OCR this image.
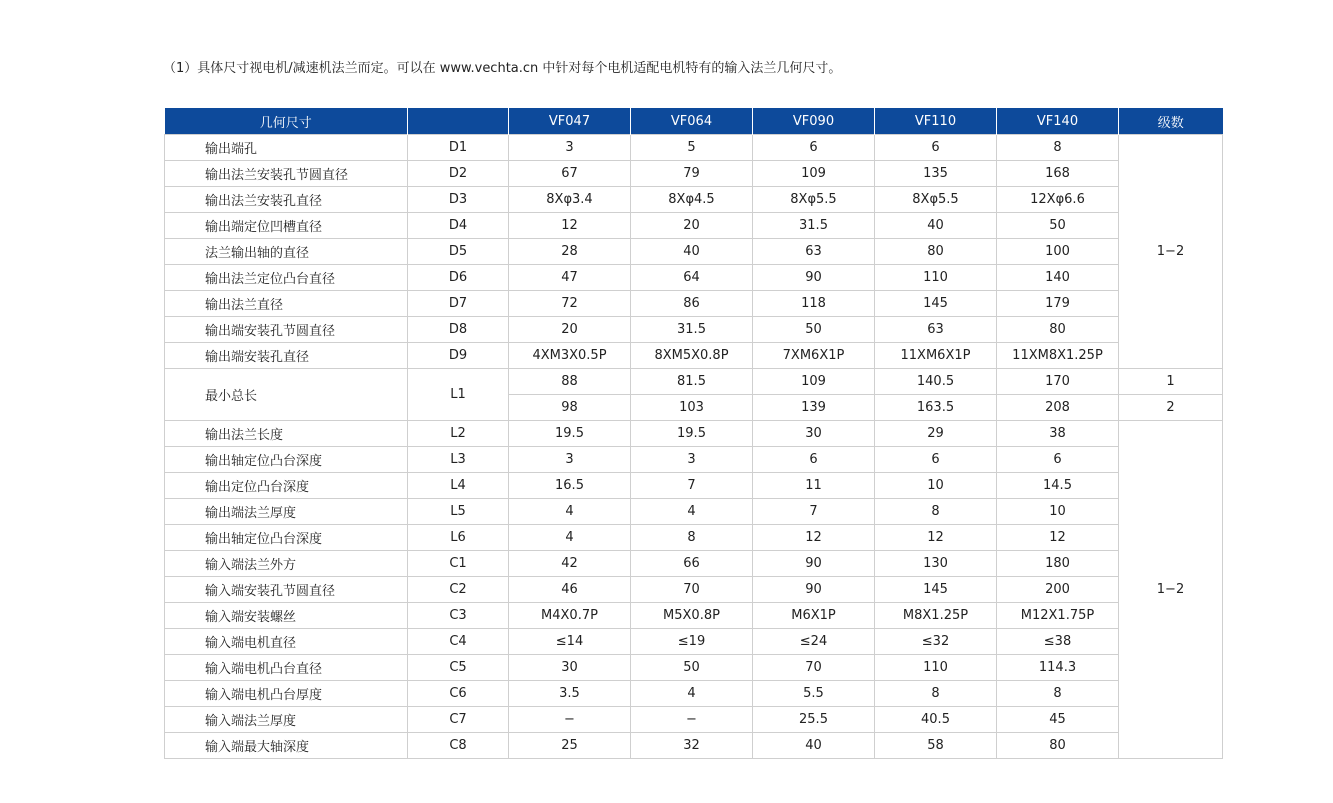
（1）具体尺寸视电机/减速机法兰而定。可以在 www.vechta.cn 中针对每个电机适配电机特有的输入法兰几何尺寸。
几何尺寸		VF047	VF064	VF090	VF110	VF140	级数
输出端孔	D1	3	5	6	6	8	1−2
输出法兰安装孔节圆直径	D2	67	79	109	135	168	
输出法兰安装孔直径	D3	8Xφ3.4	8Xφ4.5	8Xφ5.5	8Xφ5.5	12Xφ6.6	
输出端定位凹槽直径	D4	12	20	31.5	40	50	
法兰输出轴的直径	D5	28	40	63	80	100	
输出法兰定位凸台直径	D6	47	64	90	110	140	
输出法兰直径	D7	72	86	118	145	179	
输出端安装孔节圆直径	D8	20	31.5	50	63	80	
输出端安装孔直径	D9	4XM3X0.5P	8XM5X0.8P	7XM6X1P	11XM6X1P	11XM8X1.25P	
最小总长	L1	88	81.5	109	140.5	170	1
		98	103	139	163.5	208	2
输出法兰长度	L2	19.5	19.5	30	29	38	1−2
输出轴定位凸台深度	L3	3	3	6	6	6	
输出定位凸台深度	L4	16.5	7	11	10	14.5	
输出端法兰厚度	L5	4	4	7	8	10	
输出轴定位凸台深度	L6	4	8	12	12	12	
输入端法兰外方	C1	42	66	90	130	180	
输入端安装孔节圆直径	C2	46	70	90	145	200	
输入端安装螺丝	C3	M4X0.7P	M5X0.8P	M6X1P	M8X1.25P	M12X1.75P	
输入端电机直径	C4	≤14	≤19	≤24	≤32	≤38	
输入端电机凸台直径	C5	30	50	70	110	114.3	
输入端电机凸台厚度	C6	3.5	4	5.5	8	8	
输入端法兰厚度	C7	−	−	25.5	40.5	45	
输入端最大轴深度	C8	25	32	40	58	80	
